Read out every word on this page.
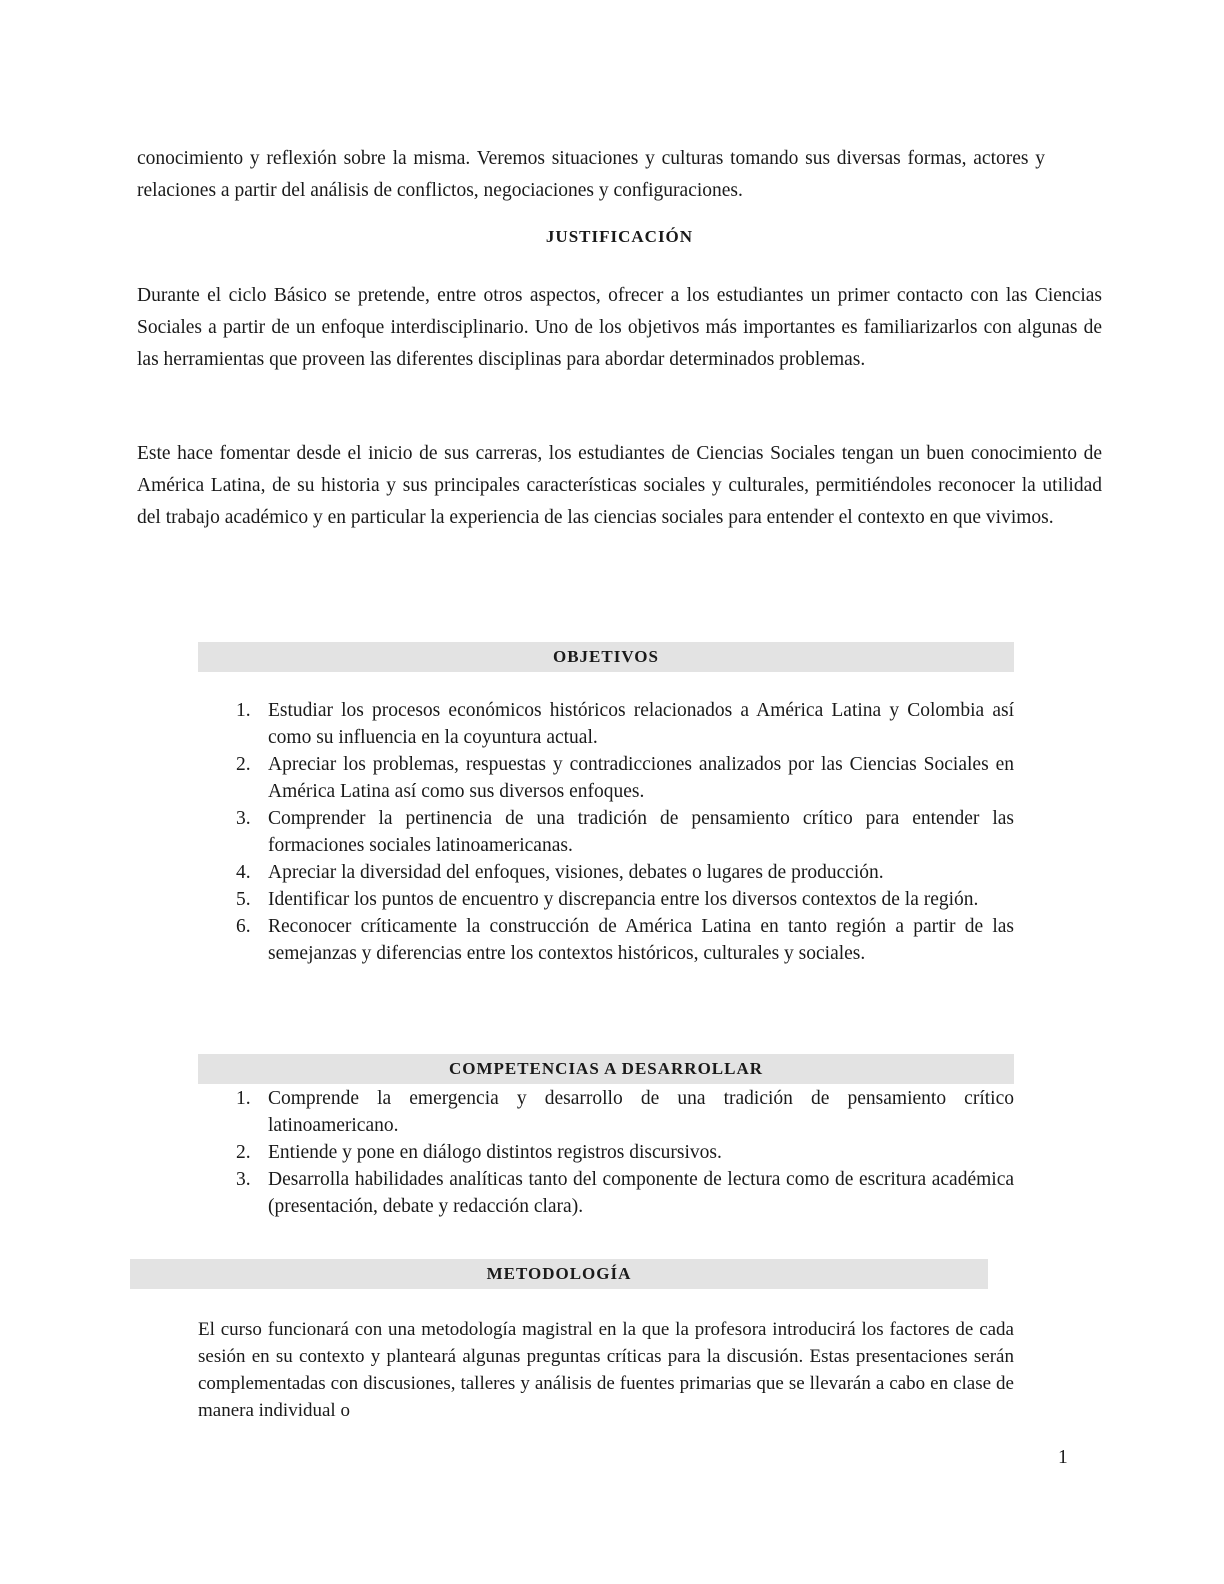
conocimiento y reflexión sobre la misma. Veremos situaciones y culturas tomando sus diversas formas, actores y relaciones a partir del análisis de conflictos, negociaciones y configuraciones.

JUSTIFICACIÓN

Durante el ciclo Básico se pretende, entre otros aspectos, ofrecer a los estudiantes un primer contacto con las Ciencias Sociales a partir de un enfoque interdisciplinario. Uno de los objetivos más importantes es familiarizarlos con algunas de las herramientas que proveen las diferentes disciplinas para abordar determinados problemas.

Este hace fomentar desde el inicio de sus carreras, los estudiantes de Ciencias Sociales tengan un buen conocimiento de América Latina, de su historia y sus principales características sociales y culturales, permitiéndoles reconocer la utilidad del trabajo académico y en particular la experiencia de las ciencias sociales para entender el contexto en que vivimos.

OBJETIVOS
1. Estudiar los procesos económicos históricos relacionados a América Latina y Colombia así como su influencia en la coyuntura actual.
2. Apreciar los problemas, respuestas y contradicciones analizados por las Ciencias Sociales en América Latina así como sus diversos enfoques.
3. Comprender la pertinencia de una tradición de pensamiento crítico para entender las formaciones sociales latinoamericanas.
4. Apreciar la diversidad del enfoques, visiones, debates o lugares de producción.
5. Identificar los puntos de encuentro y discrepancia entre los diversos contextos de la región.
6. Reconocer críticamente la construcción de América Latina en tanto región a partir de las semejanzas y diferencias entre los contextos históricos, culturales y sociales.
COMPETENCIAS A DESARROLLAR
1. Comprende la emergencia y desarrollo de una tradición de pensamiento crítico latinoamericano.
2. Entiende y pone en diálogo distintos registros discursivos.
3. Desarrolla habilidades analíticas tanto del componente de lectura como de escritura académica (presentación, debate y redacción clara).
METODOLOGÍA

El curso funcionará con una metodología magistral en la que la profesora introducirá los factores de cada sesión en su contexto y planteará algunas preguntas críticas para la discusión. Estas presentaciones serán complementadas con discusiones, talleres y análisis de fuentes primarias que se llevarán a cabo en clase de manera individual o

1
